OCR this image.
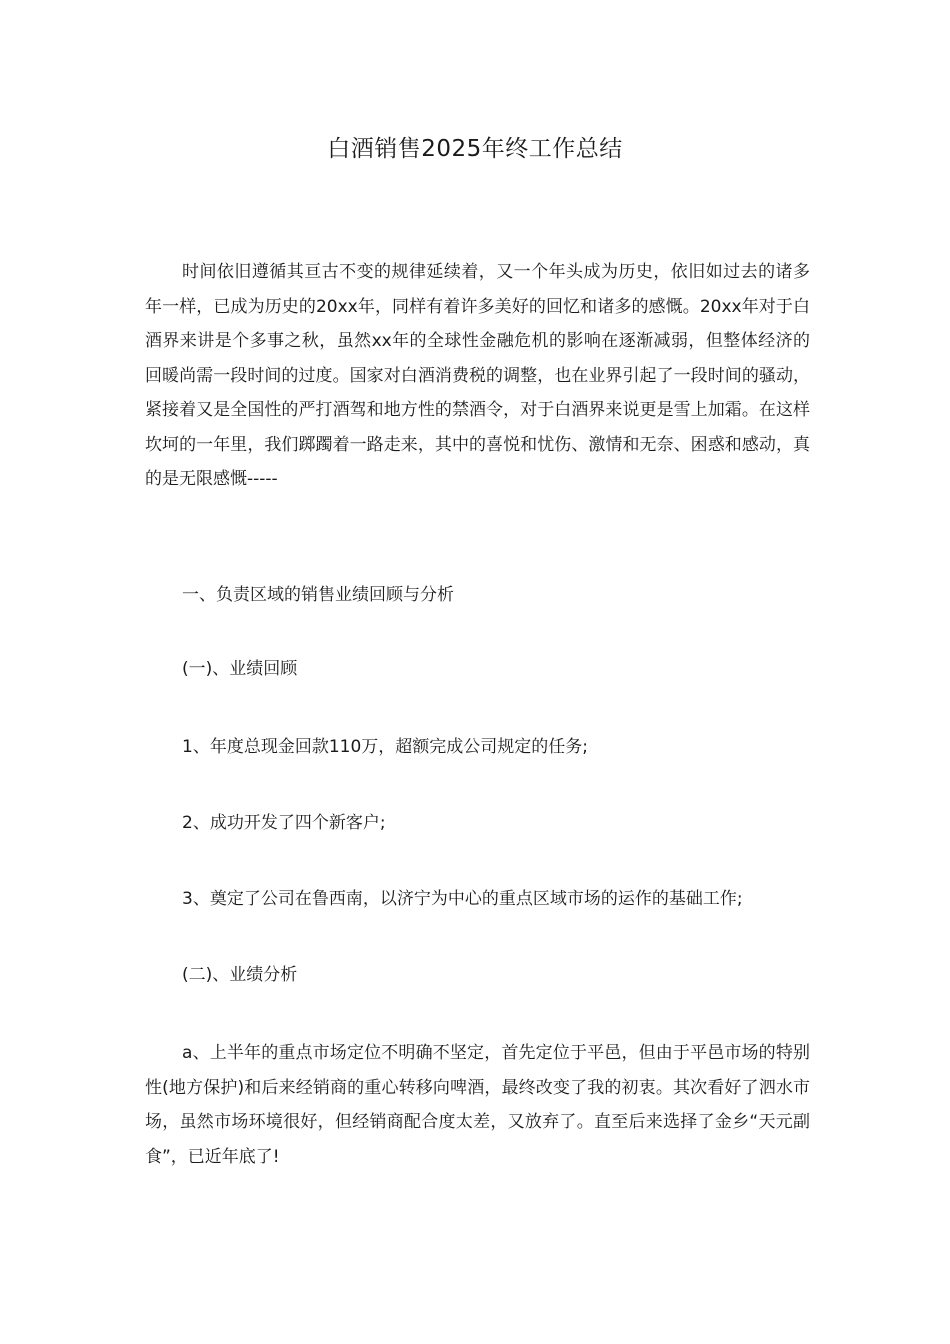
白酒销售2025年终工作总结

时间依旧遵循其亘古不变的规律延续着，又一个年头成为历史，依旧如过去的诸多年一样，已成为历史的20xx年，同样有着许多美好的回忆和诸多的感慨。20xx年对于白酒界来讲是个多事之秋，虽然xx年的全球性金融危机的影响在逐渐减弱，但整体经济的回暖尚需一段时间的过度。国家对白酒消费税的调整，也在业界引起了一段时间的骚动，紧接着又是全国性的严打酒驾和地方性的禁酒令，对于白酒界来说更是雪上加霜。在这样坎坷的一年里，我们踯躅着一路走来，其中的喜悦和忧伤、激情和无奈、困惑和感动，真的是无限感慨-----

一、负责区域的销售业绩回顾与分析

(一)、业绩回顾

1、年度总现金回款110万，超额完成公司规定的任务;

2、成功开发了四个新客户;

3、奠定了公司在鲁西南，以济宁为中心的重点区域市场的运作的基础工作;

(二)、业绩分析

a、上半年的重点市场定位不明确不坚定，首先定位于平邑，但由于平邑市场的特别性(地方保护)和后来经销商的重心转移向啤酒，最终改变了我的初衷。其次看好了泗水市场，虽然市场环境很好，但经销商配合度太差，又放弃了。直至后来选择了金乡“天元副食”，已近年底了!
